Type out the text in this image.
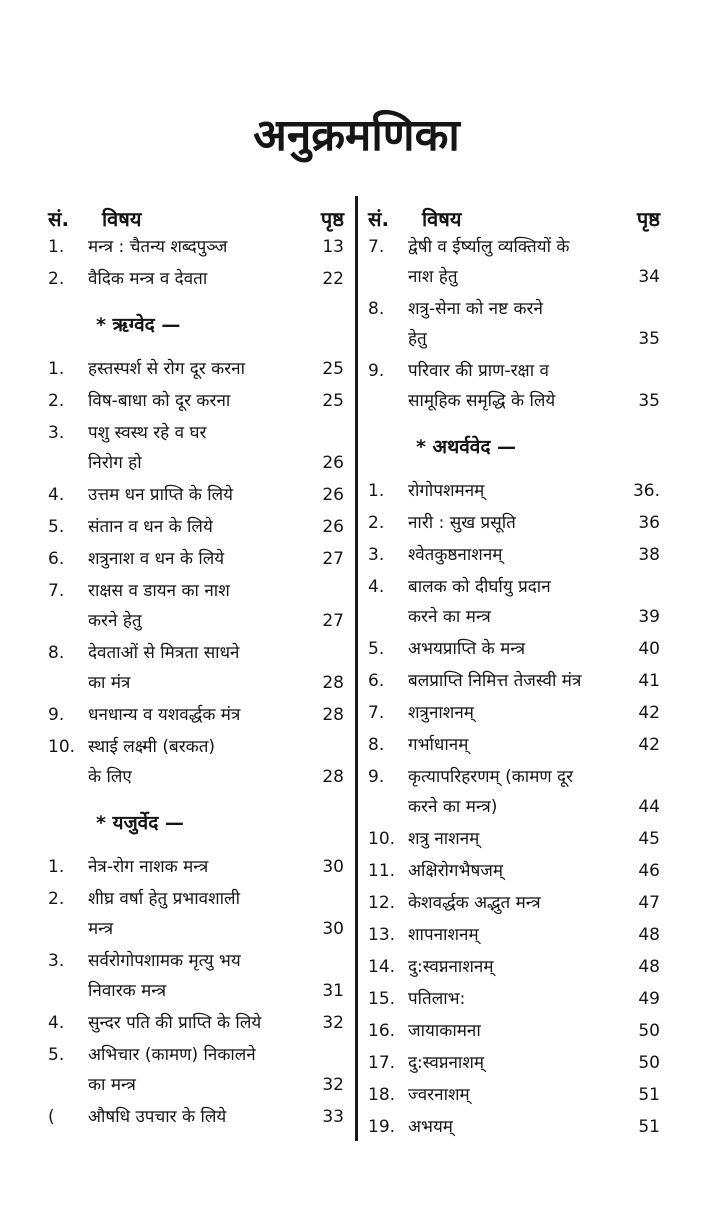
अनुक्रमणिका
सं.	विषय	पृष्ठ
1.	मन्त्र : चैतन्य शब्दपुञ्ज	13
2.	वैदिक मन्त्र व देवता	22
* ऋग्वेद —
1.	हस्तस्पर्श से रोग दूर करना	25
2.	विष-बाधा को दूर करना	25
3.	पशु स्वस्थ रहे व घर
निरोग हो	26
4.	उत्तम धन प्राप्ति के लिये	26
5.	संतान व धन के लिये	26
6.	शत्रुनाश व धन के लिये	27
7.	राक्षस व डायन का नाश
करने हेतु	27
8.	देवताओं से मित्रता साधने
का मंत्र	28
9.	धनधान्य व यशवर्द्धक मंत्र	28
10. स्थाई लक्ष्मी (बरकत)
के लिए	28
* यजुर्वेद —
1.	नेत्र-रोग नाशक मन्त्र	30
2.	शीघ्र वर्षा हेतु प्रभावशाली
मन्त्र	30
3.	सर्वरोगोपशामक मृत्यु भय
निवारक मन्त्र	31
4.	सुन्दर पति की प्राप्ति के लिये	32
5.	अभिचार (कामण) निकालने
का मन्त्र	32
(	औषधि उपचार के लिये	33
सं.	विषय	पृष्ठ
7.	द्वेषी व ईर्ष्यालु व्यक्तियों के
नाश हेतु	34
8.	शत्रु-सेना को नष्ट करने
हेतु	35
9.	परिवार की प्राण-रक्षा व
सामूहिक समृद्धि के लिये	35
* अथर्ववेद —
1.	रोगोपशमनम्	36.
2.	नारी : सुख प्रसूति	36
3.	श्वेतकुष्ठनाशनम्	38
4.	बालक को दीर्घायु प्रदान
करने का मन्त्र	39
5.	अभयप्राप्ति के मन्त्र	40
6.	बलप्राप्ति निमित्त तेजस्वी मंत्र	41
7.	शत्रुनाशनम्	42
8.	गर्भाधानम्	42
9.	कृत्यापरिहरणम् (कामण दूर
करने का मन्त्र)	44
10. शत्रु नाशनम्	45
11. अक्षिरोगभैषजम्	46
12. केशवर्द्धक अद्भुत मन्त्र	47
13. शापनाशनम्	48
14. दु:स्वप्ननाशनम्	48
15. पतिलाभ:	49
16. जायाकामना	50
17. दु:स्वप्ननाशम्	50
18. ज्वरनाशम्	51
19. अभयम्	51
